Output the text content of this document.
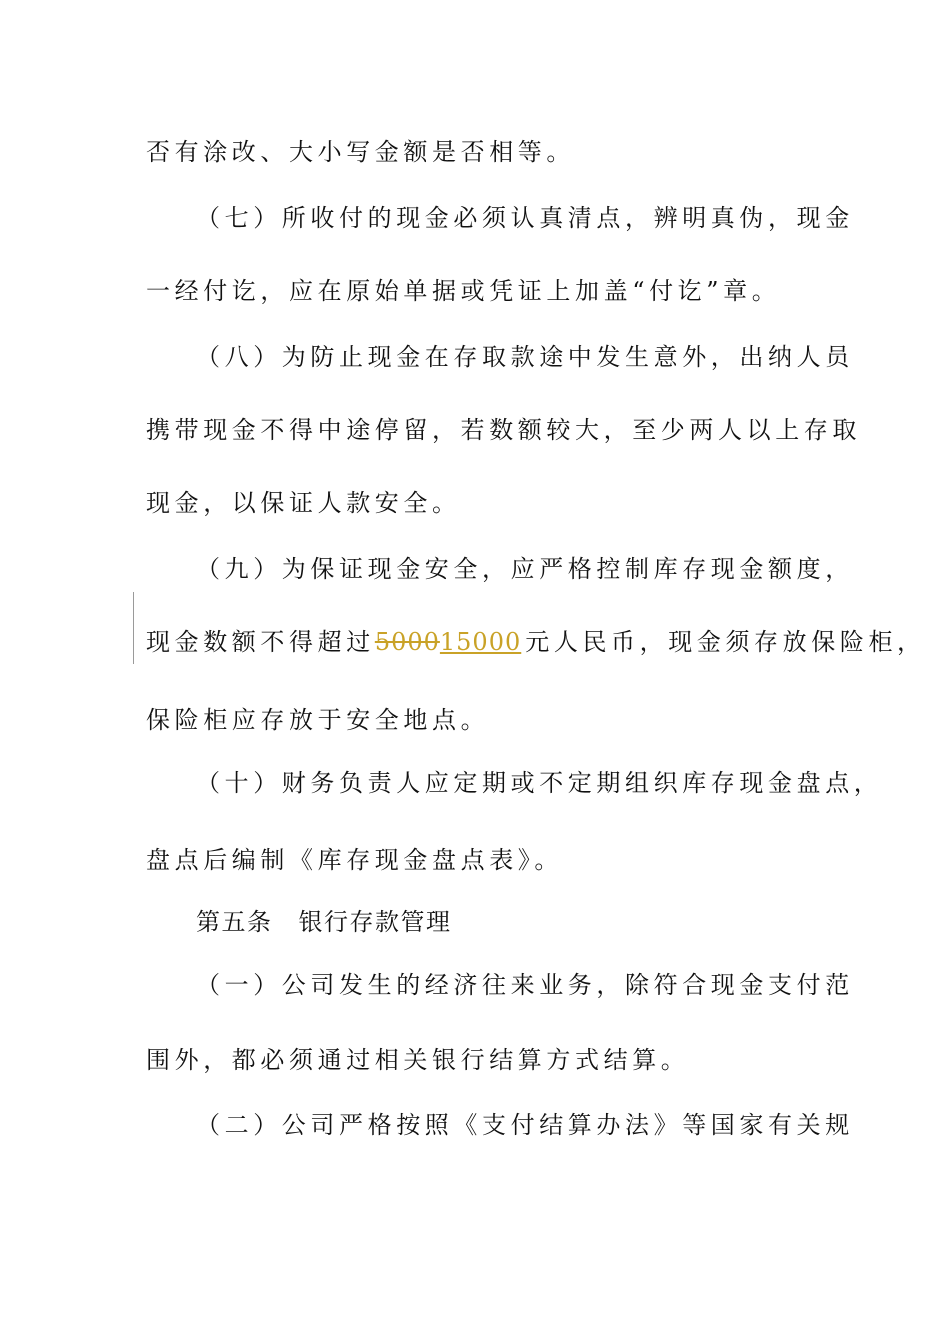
否有涂改、大小写金额是否相等。
（七）所收付的现金必须认真清点，辨明真伪，现金
一经付讫，应在原始单据或凭证上加盖“付讫”章。
（八）为防止现金在存取款途中发生意外，出纳人员
携带现金不得中途停留，若数额较大，至少两人以上存取
现金，以保证人款安全。
（九）为保证现金安全，应严格控制库存现金额度，
现金数额不得超过500015000 元人民币，现金须存放保险柜，
保险柜应存放于安全地点。
（十）财务负责人应定期或不定期组织库存现金盘点，
盘点后编制《库存现金盘点表》。
第五条 银行存款管理
（一）公司发生的经济往来业务，除符合现金支付范
围外，都必须通过相关银行结算方式结算。
（二）公司严格按照《支付结算办法》等国家有关规
